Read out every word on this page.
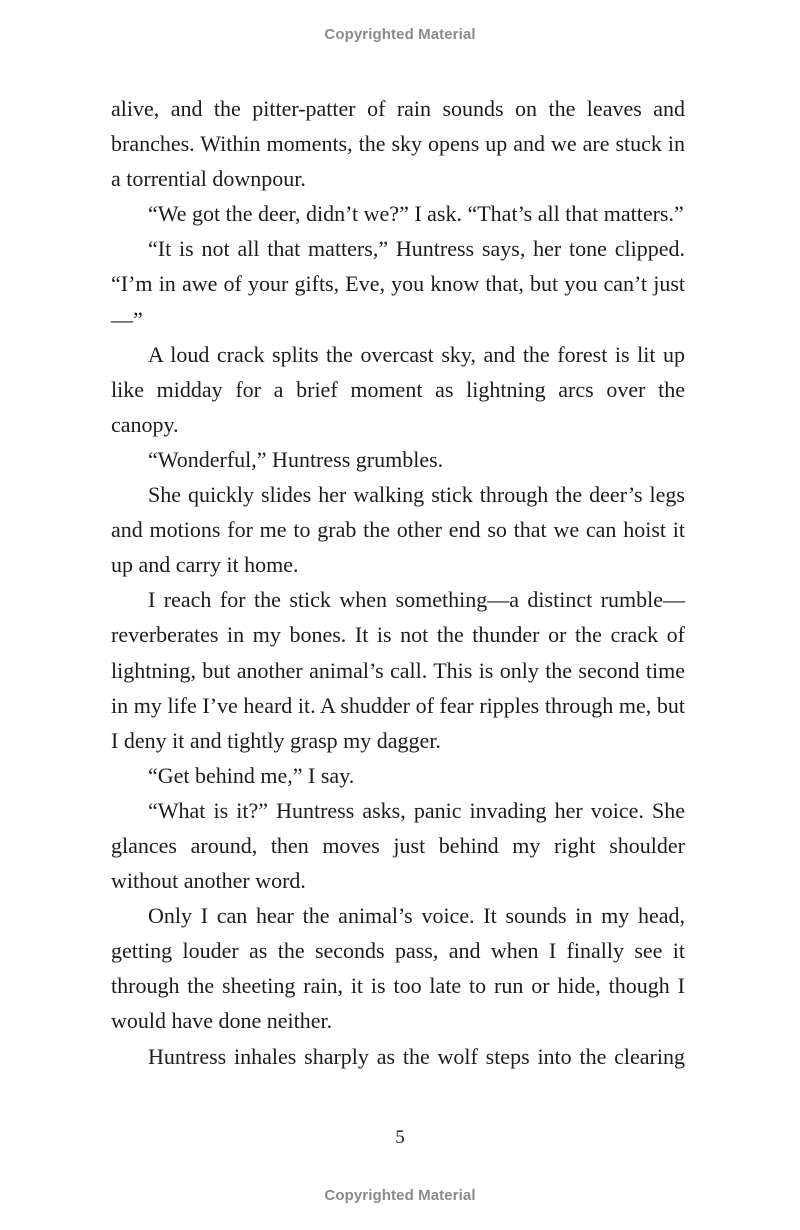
Copyrighted Material

alive, and the pitter-patter of rain sounds on the leaves and branches. Within moments, the sky opens up and we are stuck in a torrential downpour.

“We got the deer, didn’t we?” I ask. “That’s all that matters.”

“It is not all that matters,” Huntress says, her tone clipped. “I’m in awe of your gifts, Eve, you know that, but you can’t just—”

A loud crack splits the overcast sky, and the forest is lit up like midday for a brief moment as lightning arcs over the canopy.

“Wonderful,” Huntress grumbles.

She quickly slides her walking stick through the deer’s legs and motions for me to grab the other end so that we can hoist it up and carry it home.

I reach for the stick when something—a distinct rumble—reverberates in my bones. It is not the thunder or the crack of lightning, but another animal’s call. This is only the second time in my life I’ve heard it. A shudder of fear ripples through me, but I deny it and tightly grasp my dagger.

“Get behind me,” I say.

“What is it?” Huntress asks, panic invading her voice. She glances around, then moves just behind my right shoulder without another word.

Only I can hear the animal’s voice. It sounds in my head, getting louder as the seconds pass, and when I finally see it through the sheeting rain, it is too late to run or hide, though I would have done neither.

Huntress inhales sharply as the wolf steps into the clearing

5
Copyrighted Material
